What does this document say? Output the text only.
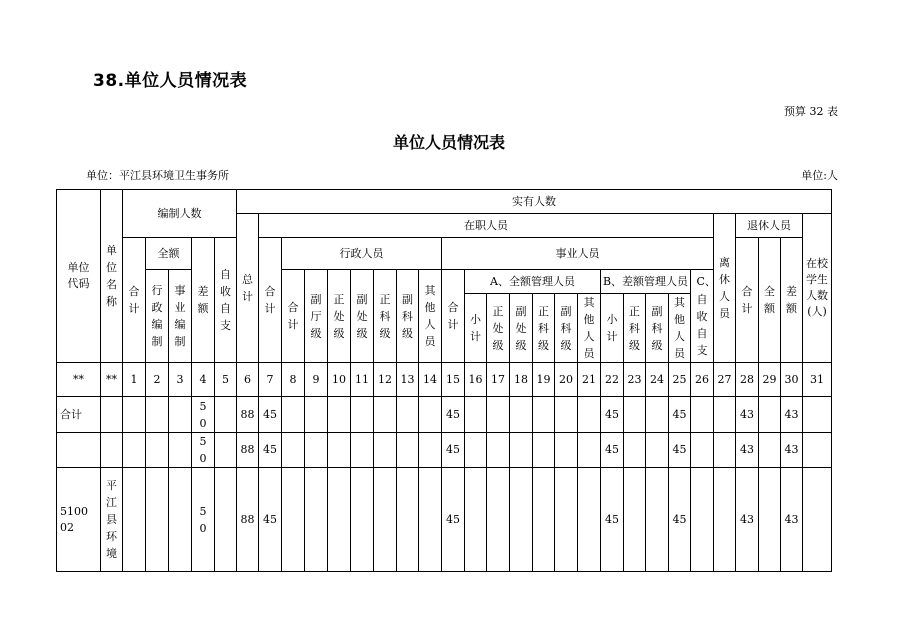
38.单位人员情况表
预算 32 表
单位人员情况表
单位：平江县环境卫生事务所	单位:人
单位代码	单位名称	编制人数					实有人数																									
							总计	在职人员																				离休人员	退休人员			在校学生人数(人)
		合计	全额		差额	自收自支		合计	行政人员							事业人员													合计	全额	差额	
			行政编制	事业编制					合计	副厅级	正处级	副处级	正科级	副科级	其他人员	合计	A、全额管理人员						B、差额管理人员				C、自收自支					
																	小计	正处级	副处级	正科级	副科级	其他人员	小计	正科级	副科级	其他人员						
**	**	1	2	3	4	5	6	7	8	9	10	11	12	13	14	15	16	17	18	19	20	21	22	23	24	25	26	27	28	29	30	31
合计					50		88	45								45							45			45			43		43	
					50		88	45								45							45			45			43		43	
510002	平江县环境				50		88	45								45							45			45			43		43	
